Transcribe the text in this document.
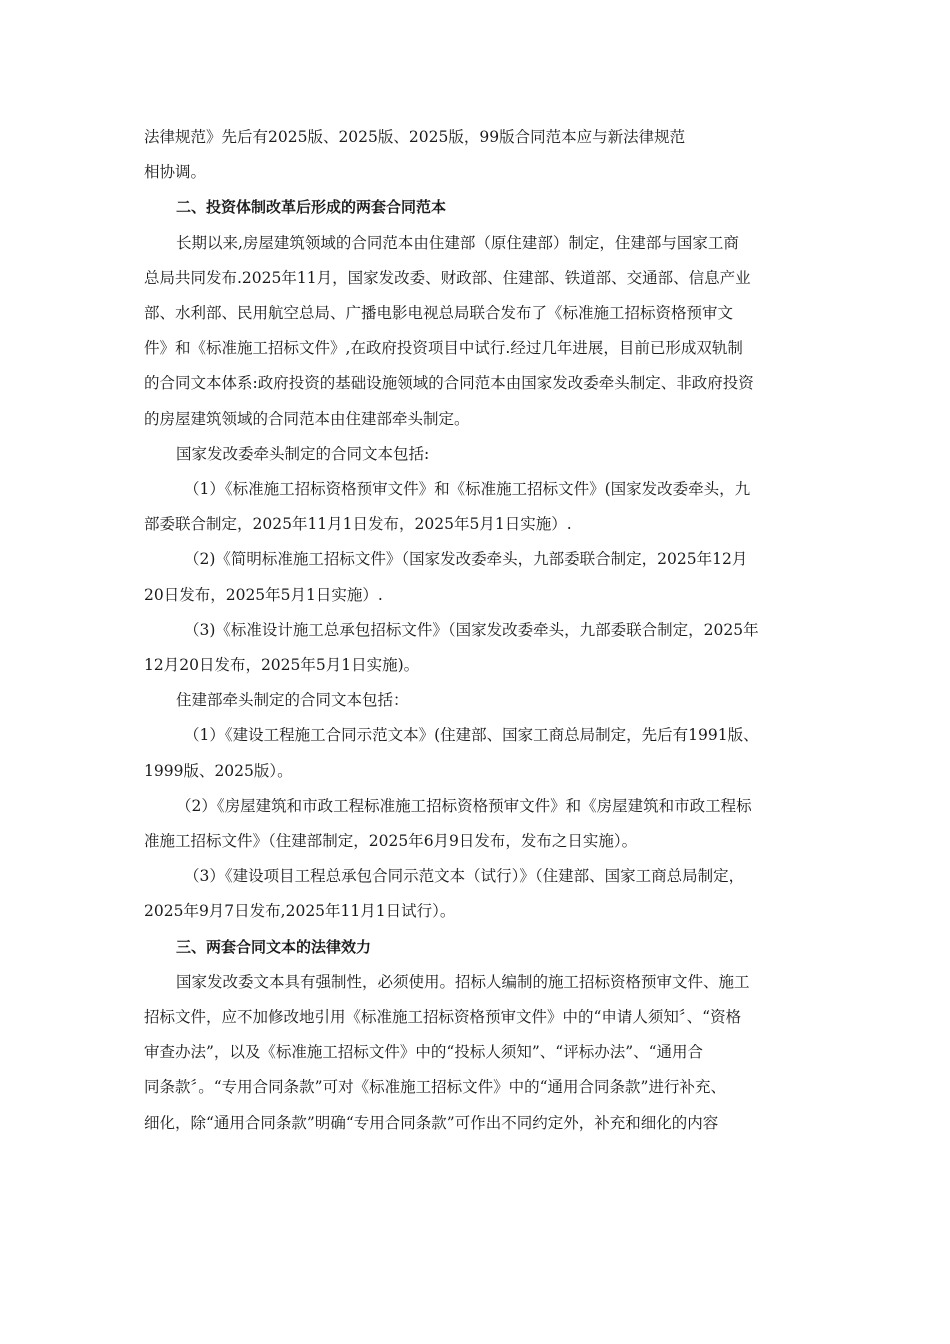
法律规范》先后有2025版、2025版、2025版，99版合同范本应与新法律规范
相协调。

二、投资体制改革后形成的两套合同范本

长期以来,房屋建筑领域的合同范本由住建部（原住建部）制定，住建部与国家工商
总局共同发布.2025年11月，国家发改委、财政部、住建部、铁道部、交通部、信息产业
部、水利部、民用航空总局、广播电影电视总局联合发布了《标准施工招标资格预审文
件》和《标准施工招标文件》,在政府投资项目中试行.经过几年进展，目前已形成双轨制
的合同文本体系:政府投资的基础设施领域的合同范本由国家发改委牵头制定、非政府投资
的房屋建筑领域的合同范本由住建部牵头制定。

国家发改委牵头制定的合同文本包括:

（1）《标准施工招标资格预审文件》和《标准施工招标文件》(国家发改委牵头，九
部委联合制定，2025年11月1日发布，2025年5月1日实施）.

（2)《简明标准施工招标文件》（国家发改委牵头，九部委联合制定，2025年12月
20日发布，2025年5月1日实施）.

（3)《标准设计施工总承包招标文件》（国家发改委牵头，九部委联合制定，2025年
12月20日发布，2025年5月1日实施)。

住建部牵头制定的合同文本包括：

（1）《建设工程施工合同示范文本》(住建部、国家工商总局制定，先后有1991版、
1999版、2025版）。

（2）《房屋建筑和市政工程标准施工招标资格预审文件》和《房屋建筑和市政工程标
准施工招标文件》（住建部制定，2025年6月9日发布，发布之日实施）。

（3）《建设项目工程总承包合同示范文本（试行）》（住建部、国家工商总局制定，
2025年9月7日发布,2025年11月1日试行）。

三、两套合同文本的法律效力

国家发改委文本具有强制性，必须使用。招标人编制的施工招标资格预审文件、施工
招标文件，应不加修改地引用《标准施工招标资格预审文件》中的“申请人须知〞、“资格
审查办法”，以及《标准施工招标文件》中的“投标人须知”、“评标办法”、“通用合
同条款〞。“专用合同条款”可对《标准施工招标文件》中的“通用合同条款”进行补充、
细化，除“通用合同条款”明确“专用合同条款”可作出不同约定外，补充和细化的内容
